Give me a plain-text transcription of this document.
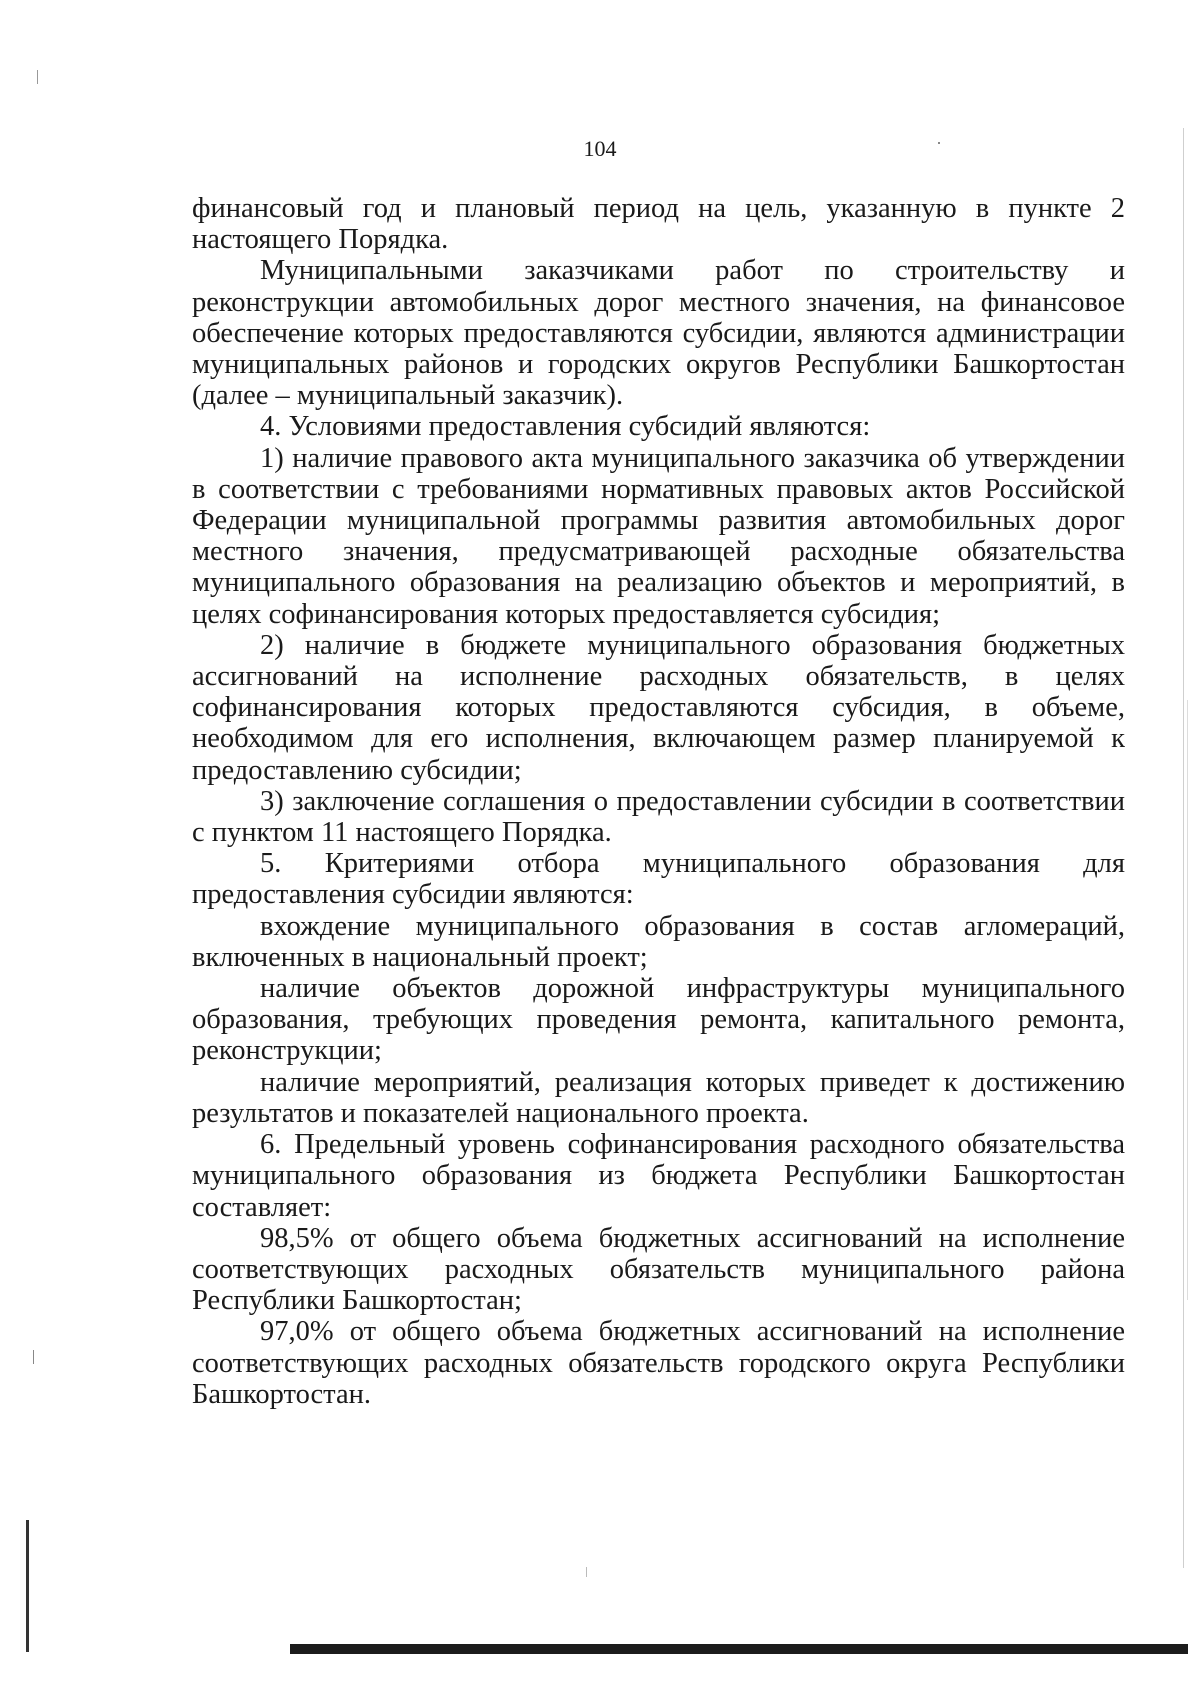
104

финансовый год и плановый период на цель, указанную в пункте 2 настоящего Порядка.

Муниципальными заказчиками работ по строительству и реконструкции автомобильных дорог местного значения, на финансовое обеспечение которых предоставляются субсидии, являются администрации муниципальных районов и городских округов Республики Башкортостан (далее – муниципальный заказчик).

4. Условиями предоставления субсидий являются:

1) наличие правового акта муниципального заказчика об утверждении в соответствии с требованиями нормативных правовых актов Российской Федерации муниципальной программы развития автомобильных дорог местного значения, предусматривающей расходные обязательства муниципального образования на реализацию объектов и мероприятий, в целях софинансирования которых предоставляется субсидия;

2) наличие в бюджете муниципального образования бюджетных ассигнований на исполнение расходных обязательств, в целях софинансирования которых предоставляются субсидия, в объеме, необходимом для его исполнения, включающем размер планируемой к предоставлению субсидии;

3) заключение соглашения о предоставлении субсидии в соответствии с пунктом 11 настоящего Порядка.

5. Критериями отбора муниципального образования для предоставления субсидии являются:

вхождение муниципального образования в состав агломераций, включенных в национальный проект;

наличие объектов дорожной инфраструктуры муниципального образования, требующих проведения ремонта, капитального ремонта, реконструкции;

наличие мероприятий, реализация которых приведет к достижению результатов и показателей национального проекта.

6. Предельный уровень софинансирования расходного обязательства муниципального образования из бюджета Республики Башкортостан составляет:

98,5% от общего объема бюджетных ассигнований на исполнение соответствующих расходных обязательств муниципального района Республики Башкортостан;

97,0% от общего объема бюджетных ассигнований на исполнение соответствующих расходных обязательств городского округа Республики Башкортостан.
